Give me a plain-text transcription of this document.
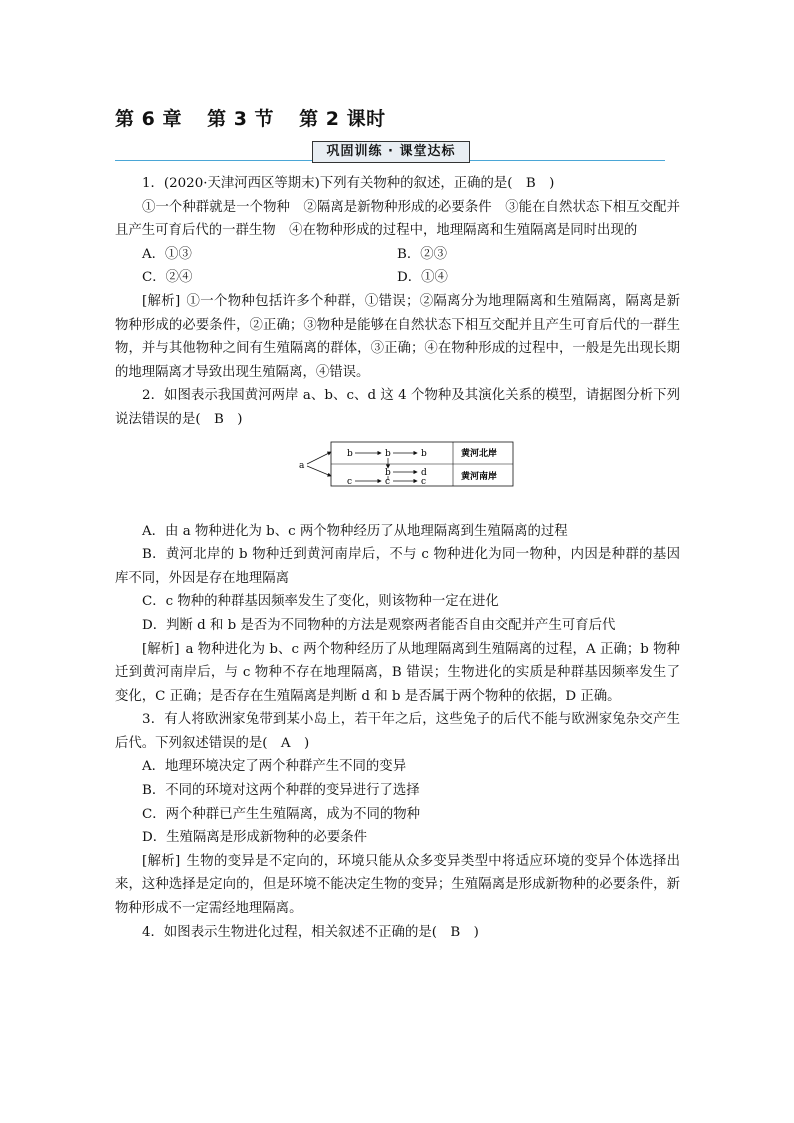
第 6 章 第 3 节 第 2 课时
巩固训练 · 课堂达标

1．(2020·天津河西区等期末)下列有关物种的叙述，正确的是(　B　)

①一个种群就是一个物种　②隔离是新物种形成的必要条件　③能在自然状态下相互交配并且产生可育后代的一群生物　④在物种形成的过程中，地理隔离和生殖隔离是同时出现的

A．①③	B．②③
C．②④	D．①④

[解析] ①一个物种包括许多个种群，①错误；②隔离分为地理隔离和生殖隔离，隔离是新物种形成的必要条件，②正确；③物种是能够在自然状态下相互交配并且产生可育后代的一群生物，并与其他物种之间有生殖隔离的群体，③正确；④在物种形成的过程中，一般是先出现长期的地理隔离才导致出现生殖隔离，④错误。

2．如图表示我国黄河两岸 a、b、c、d 这 4 个物种及其演化关系的模型，请据图分析下列说法错误的是(　B　)

a
b	b	b
b	d
c	c	c
黄河北岸
黄河南岸

A．由 a 物种进化为 b、c 两个物种经历了从地理隔离到生殖隔离的过程

B．黄河北岸的 b 物种迁到黄河南岸后，不与 c 物种进化为同一物种，内因是种群的基因库不同，外因是存在地理隔离

C．c 物种的种群基因频率发生了变化，则该物种一定在进化

D．判断 d 和 b 是否为不同物种的方法是观察两者能否自由交配并产生可育后代

[解析] a 物种进化为 b、c 两个物种经历了从地理隔离到生殖隔离的过程，A 正确；b 物种迁到黄河南岸后，与 c 物种不存在地理隔离，B 错误；生物进化的实质是种群基因频率发生了变化，C 正确；是否存在生殖隔离是判断 d 和 b 是否属于两个物种的依据，D 正确。

3．有人将欧洲家兔带到某小岛上，若干年之后，这些兔子的后代不能与欧洲家兔杂交产生后代。下列叙述错误的是(　A　)

A．地理环境决定了两个种群产生不同的变异

B．不同的环境对这两个种群的变异进行了选择

C．两个种群已产生生殖隔离，成为不同的物种

D．生殖隔离是形成新物种的必要条件

[解析] 生物的变异是不定向的，环境只能从众多变异类型中将适应环境的变异个体选择出来，这种选择是定向的，但是环境不能决定生物的变异；生殖隔离是形成新物种的必要条件，新物种形成不一定需经地理隔离。

4．如图表示生物进化过程，相关叙述不正确的是(　B　)
